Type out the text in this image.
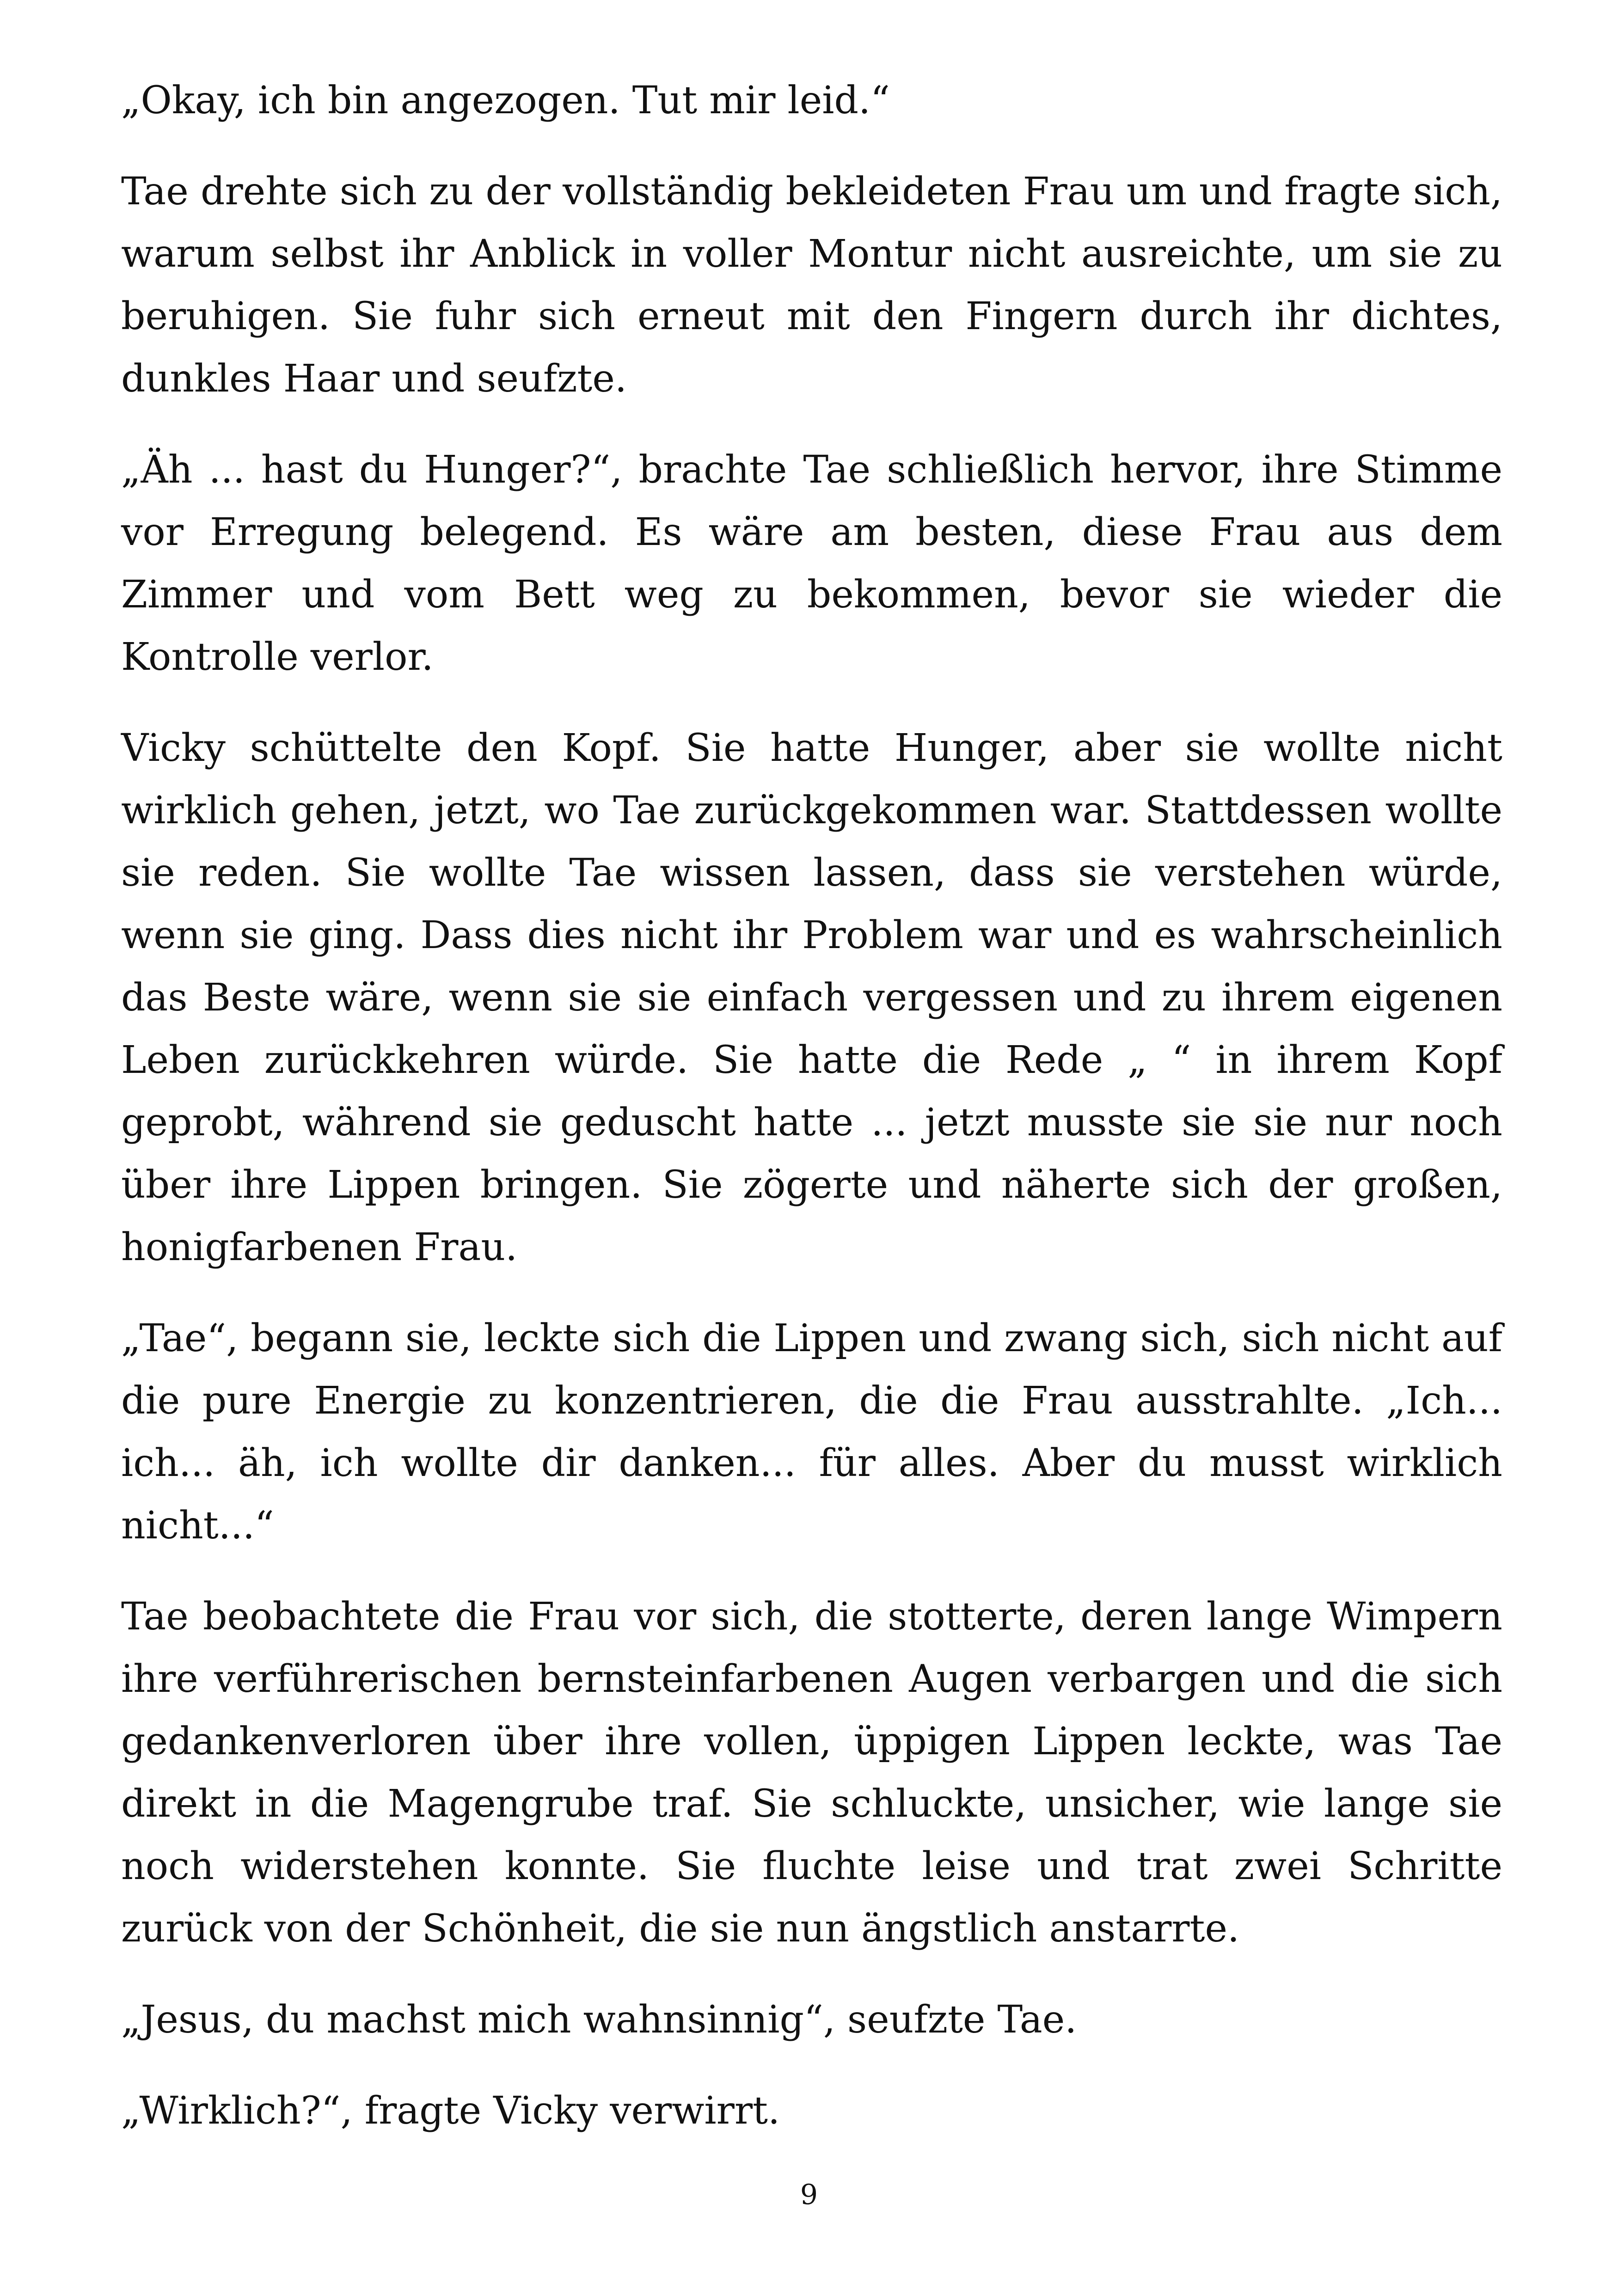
„Okay, ich bin angezogen. Tut mir leid.“

Tae drehte sich zu der vollständig bekleideten Frau um und fragte sich, warum selbst ihr Anblick in voller Montur nicht ausreichte, um sie zu beruhigen. Sie fuhr sich erneut mit den Fingern durch ihr dichtes, dunkles Haar und seufzte.

„Äh ... hast du Hunger?“, brachte Tae schließlich hervor, ihre Stimme vor Erregung belegend. Es wäre am besten, diese Frau aus dem Zimmer und vom Bett weg zu bekommen, bevor sie wieder die Kontrolle verlor.

Vicky schüttelte den Kopf. Sie hatte Hunger, aber sie wollte nicht wirklich gehen, jetzt, wo Tae zurückgekommen war. Stattdessen wollte sie reden. Sie wollte Tae wissen lassen, dass sie verstehen würde, wenn sie ging. Dass dies nicht ihr Problem war und es wahrscheinlich das Beste wäre, wenn sie sie einfach vergessen und zu ihrem eigenen Leben zurückkehren würde. Sie hatte die Rede „ “ in ihrem Kopf geprobt, während sie geduscht hatte ... jetzt musste sie sie nur noch über ihre Lippen bringen. Sie zögerte und näherte sich der großen, honigfarbenen Frau.

„Tae“, begann sie, leckte sich die Lippen und zwang sich, sich nicht auf die pure Energie zu konzentrieren, die die Frau ausstrahlte. „Ich... ich... äh, ich wollte dir danken... für alles. Aber du musst wirklich nicht...“

Tae beobachtete die Frau vor sich, die stotterte, deren lange Wimpern ihre verführerischen bernsteinfarbenen Augen verbargen und die sich gedankenverloren über ihre vollen, üppigen Lippen leckte, was Tae direkt in die Magengrube traf. Sie schluckte, unsicher, wie lange sie noch widerstehen konnte. Sie fluchte leise und trat zwei Schritte zurück von der Schönheit, die sie nun ängstlich anstarrte.

„Jesus, du machst mich wahnsinnig“, seufzte Tae.

„Wirklich?“, fragte Vicky verwirrt.

9
